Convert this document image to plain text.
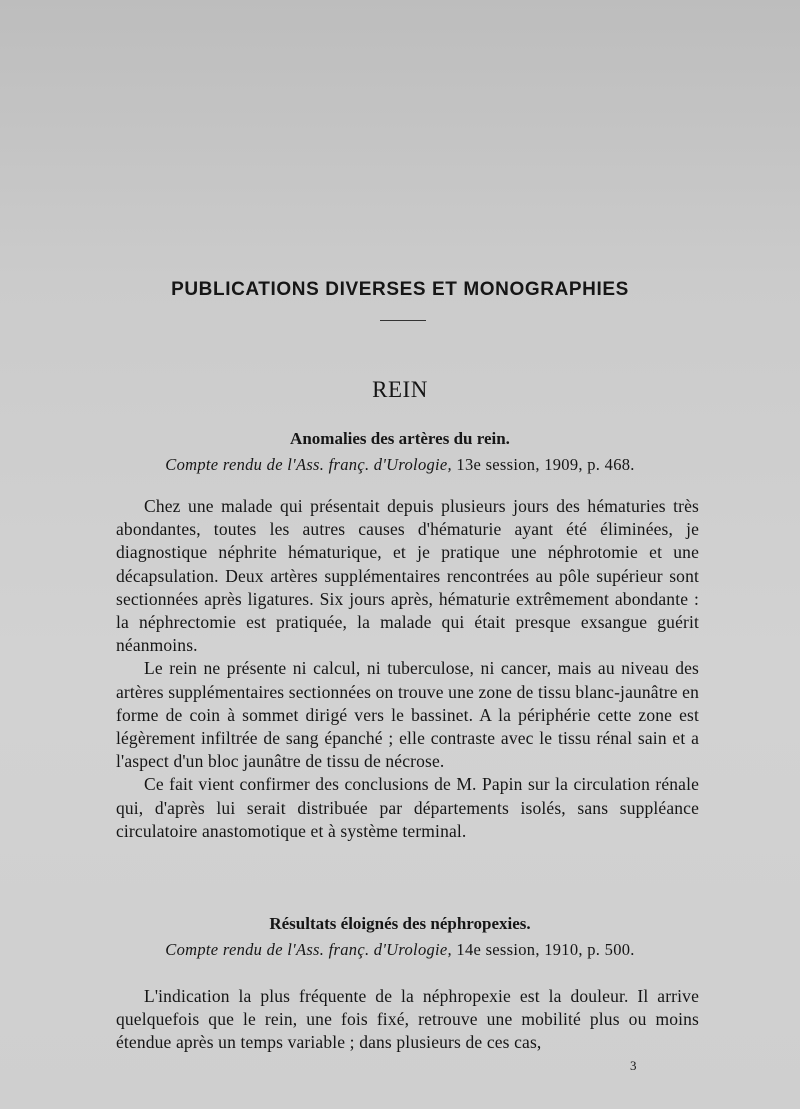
PUBLICATIONS DIVERSES ET MONOGRAPHIES
REIN
Anomalies des artères du rein.
Compte rendu de l'Ass. franç. d'Urologie, 13e session, 1909, p. 468.

Chez une malade qui présentait depuis plusieurs jours des hématuries très abondantes, toutes les autres causes d'hématurie ayant été éliminées, je diagnostique néphrite hématurique, et je pratique une néphrotomie et une décapsulation. Deux artères supplémentaires rencontrées au pôle supérieur sont sectionnées après ligatures. Six jours après, hématurie extrêmement abondante : la néphrectomie est pratiquée, la malade qui était presque exsangue guérit néanmoins.

Le rein ne présente ni calcul, ni tuberculose, ni cancer, mais au niveau des artères supplémentaires sectionnées on trouve une zone de tissu blanc-jaunâtre en forme de coin à sommet dirigé vers le bassinet. A la périphérie cette zone est légèrement infiltrée de sang épanché ; elle contraste avec le tissu rénal sain et a l'aspect d'un bloc jaunâtre de tissu de nécrose.

Ce fait vient confirmer des conclusions de M. Papin sur la circulation rénale qui, d'après lui serait distribuée par départements isolés, sans suppléance circulatoire anastomotique et à système terminal.

Résultats éloignés des néphropexies.
Compte rendu de l'Ass. franç. d'Urologie, 14e session, 1910, p. 500.

L'indication la plus fréquente de la néphropexie est la douleur. Il arrive quelquefois que le rein, une fois fixé, retrouve une mobilité plus ou moins étendue après un temps variable ; dans plusieurs de ces cas,

3
